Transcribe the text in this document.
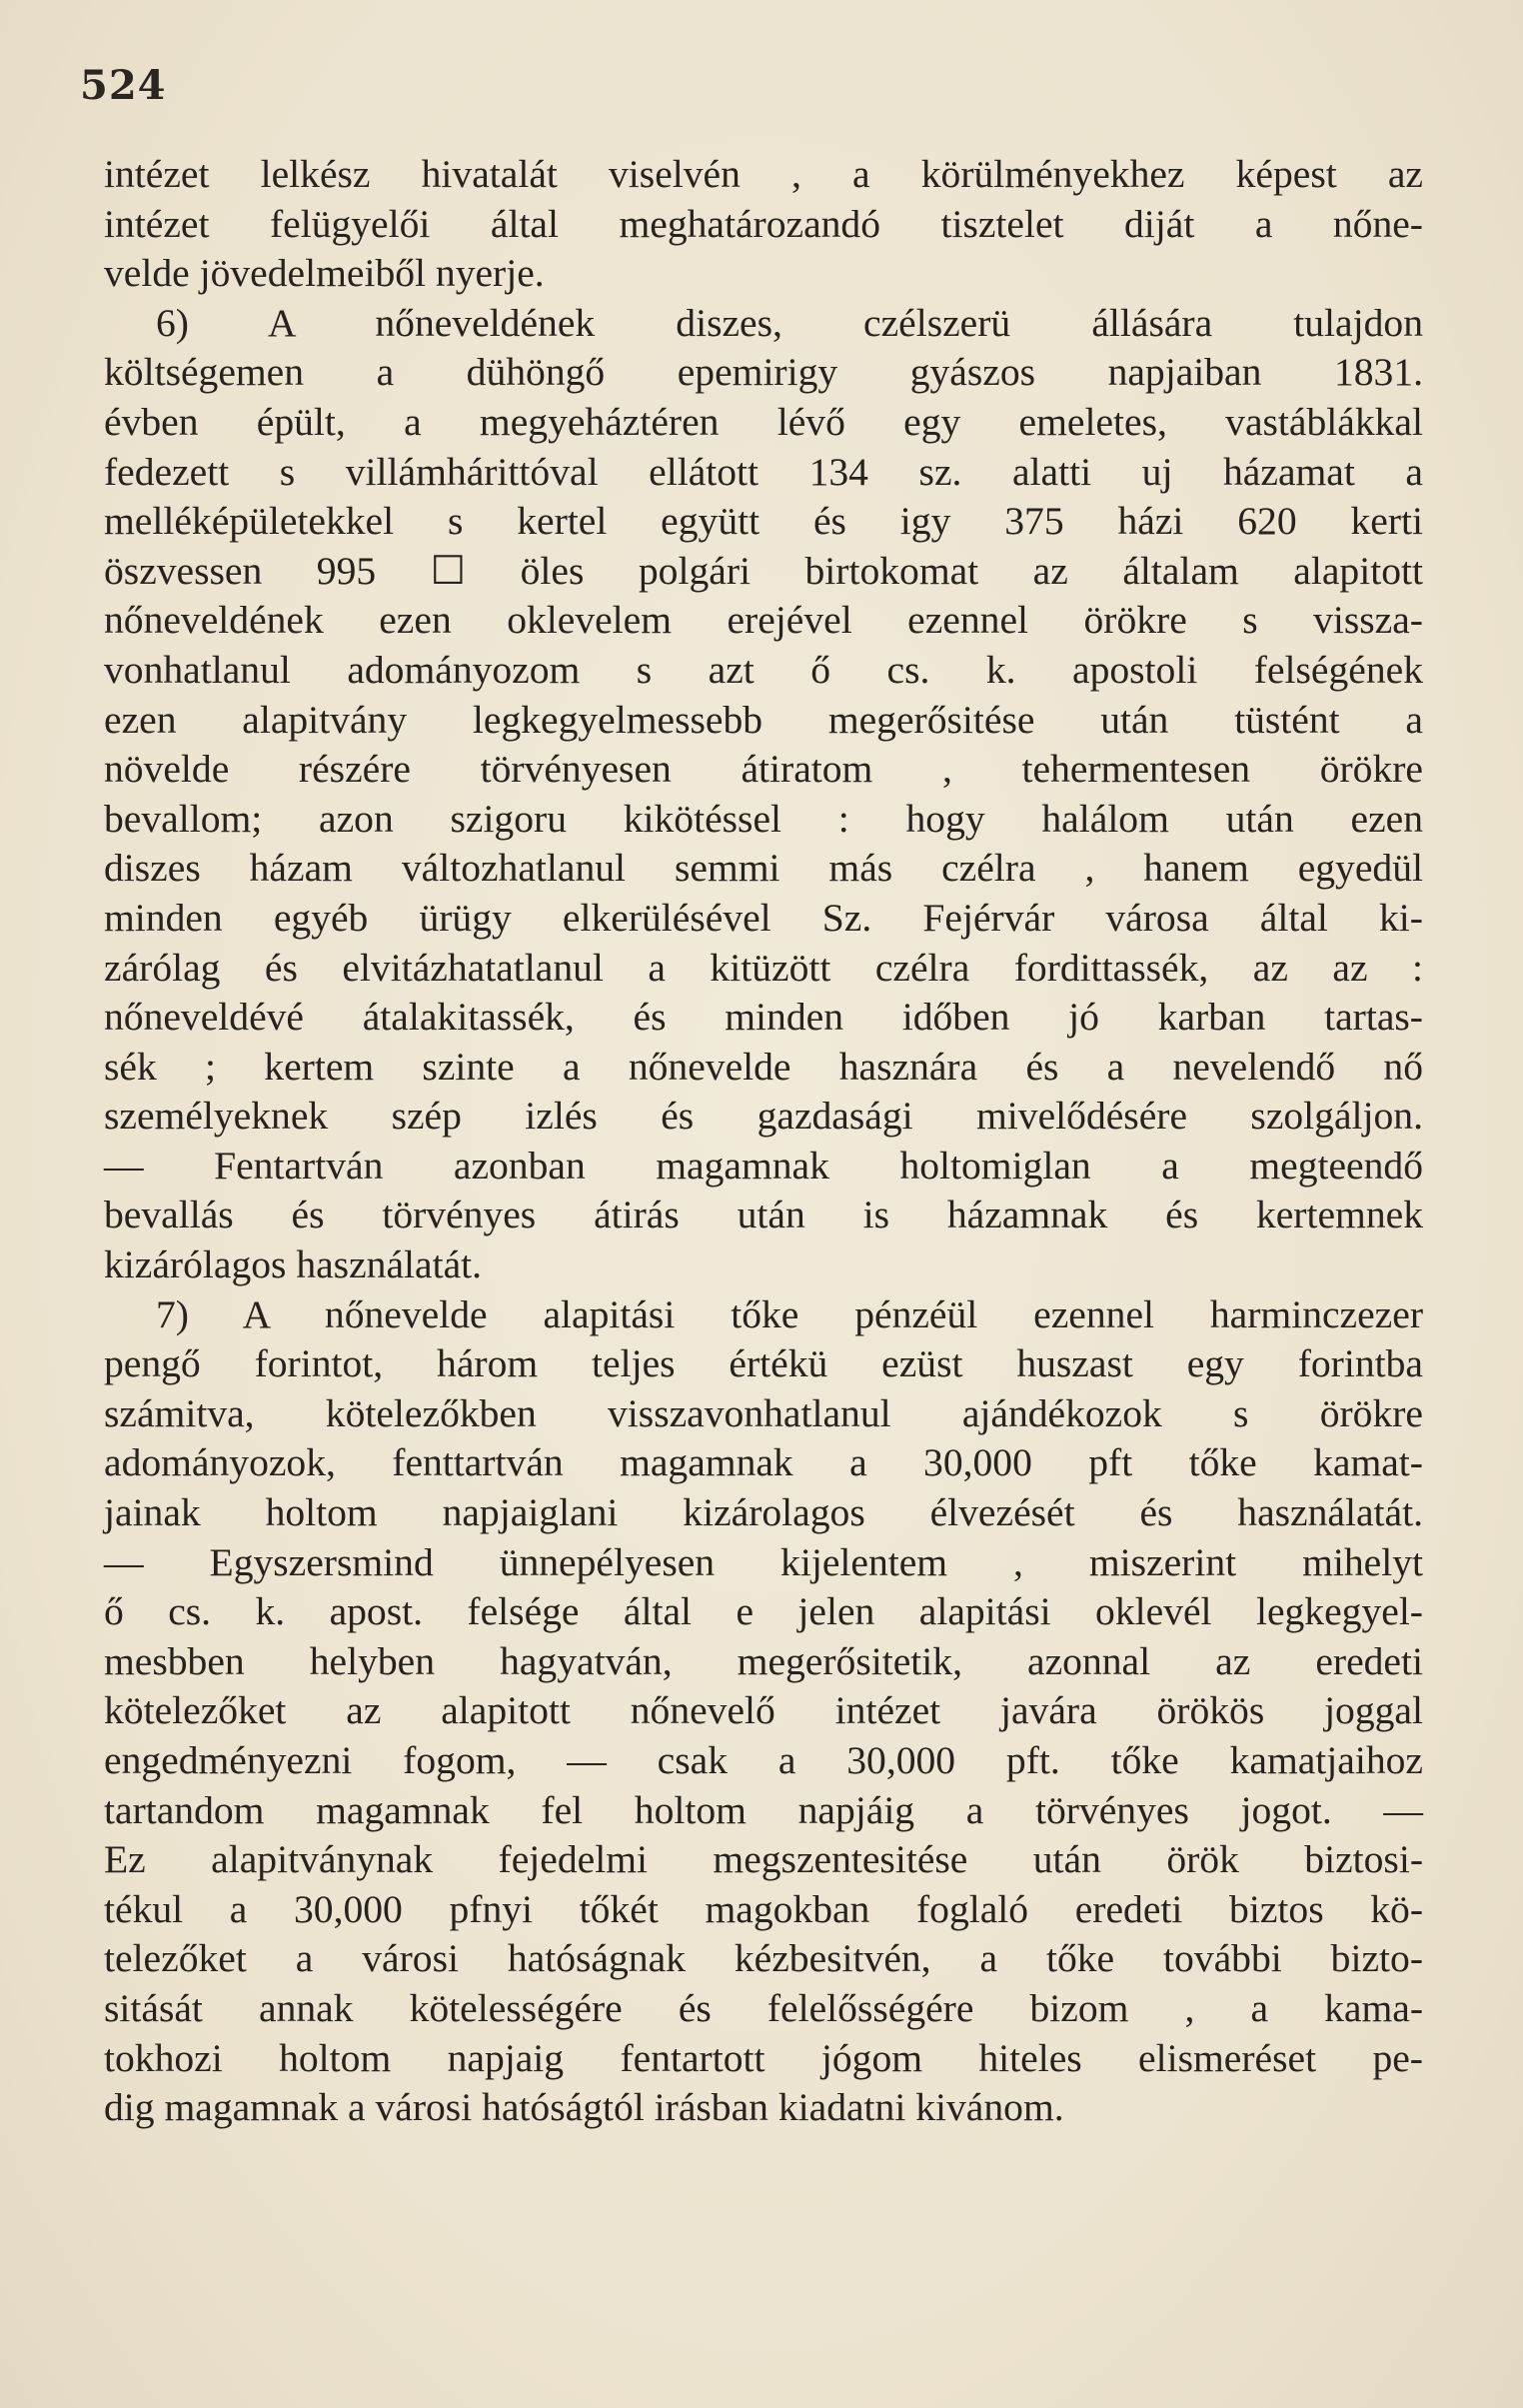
524
intézet lelkész hivatalát viselvén , a körülményekhez képest az
intézet felügyelői által meghatározandó tisztelet diját a nőne-
velde jövedelmeiből nyerje.
6) A nőneveldének diszes, czélszerü állására tulajdon
költségemen a dühöngő epemirigy gyászos napjaiban 1831.
évben épült, a megyeháztéren lévő egy emeletes, vastáblákkal
fedezett s villámhárittóval ellátott 134 sz. alatti uj házamat a
melléképületekkel s kertel együtt és igy 375 házi 620 kerti
öszvessen 995 ☐ öles polgári birtokomat az általam alapitott
nőneveldének ezen oklevelem erejével ezennel örökre s vissza-
vonhatlanul adományozom s azt ő cs. k. apostoli felségének
ezen alapitvány legkegyelmessebb megerősitése után tüstént a
növelde részére törvényesen átiratom , tehermentesen örökre
bevallom; azon szigoru kikötéssel : hogy halálom után ezen
diszes házam változhatlanul semmi más czélra , hanem egyedül
minden egyéb ürügy elkerülésével Sz. Fejérvár városa által ki-
zárólag és elvitázhatatlanul a kitüzött czélra fordittassék, az az :
nőneveldévé átalakitassék, és minden időben jó karban tartas-
sék ; kertem szinte a nőnevelde hasznára és a nevelendő nő
személyeknek szép izlés és gazdasági mivelődésére szolgáljon.
— Fentartván azonban magamnak holtomiglan a megteendő
bevallás és törvényes átirás után is házamnak és kertemnek
kizárólagos használatát.
7) A nőnevelde alapitási tőke pénzéül ezennel harminczezer
pengő forintot, három teljes értékü ezüst huszast egy forintba
számitva, kötelezőkben visszavonhatlanul ajándékozok s örökre
adományozok, fenttartván magamnak a 30,000 pft tőke kamat-
jainak holtom napjaiglani kizárolagos élvezését és használatát.
— Egyszersmind ünnepélyesen kijelentem , miszerint mihelyt
ő cs. k. apost. felsége által e jelen alapitási oklevél legkegyel-
mesbben helyben hagyatván, megerősitetik, azonnal az eredeti
kötelezőket az alapitott nőnevelő intézet javára örökös joggal
engedményezni fogom, — csak a 30,000 pft. tőke kamatjaihoz
tartandom magamnak fel holtom napjáig a törvényes jogot. —
Ez alapitványnak fejedelmi megszentesitése után örök biztosi-
tékul a 30,000 pfnyi tőkét magokban foglaló eredeti biztos kö-
telezőket a városi hatóságnak kézbesitvén, a tőke további bizto-
sitását annak kötelességére és felelősségére bizom , a kama-
tokhozi holtom napjaig fentartott jógom hiteles elismeréset pe-
dig magamnak a városi hatóságtól irásban kiadatni kivánom.
